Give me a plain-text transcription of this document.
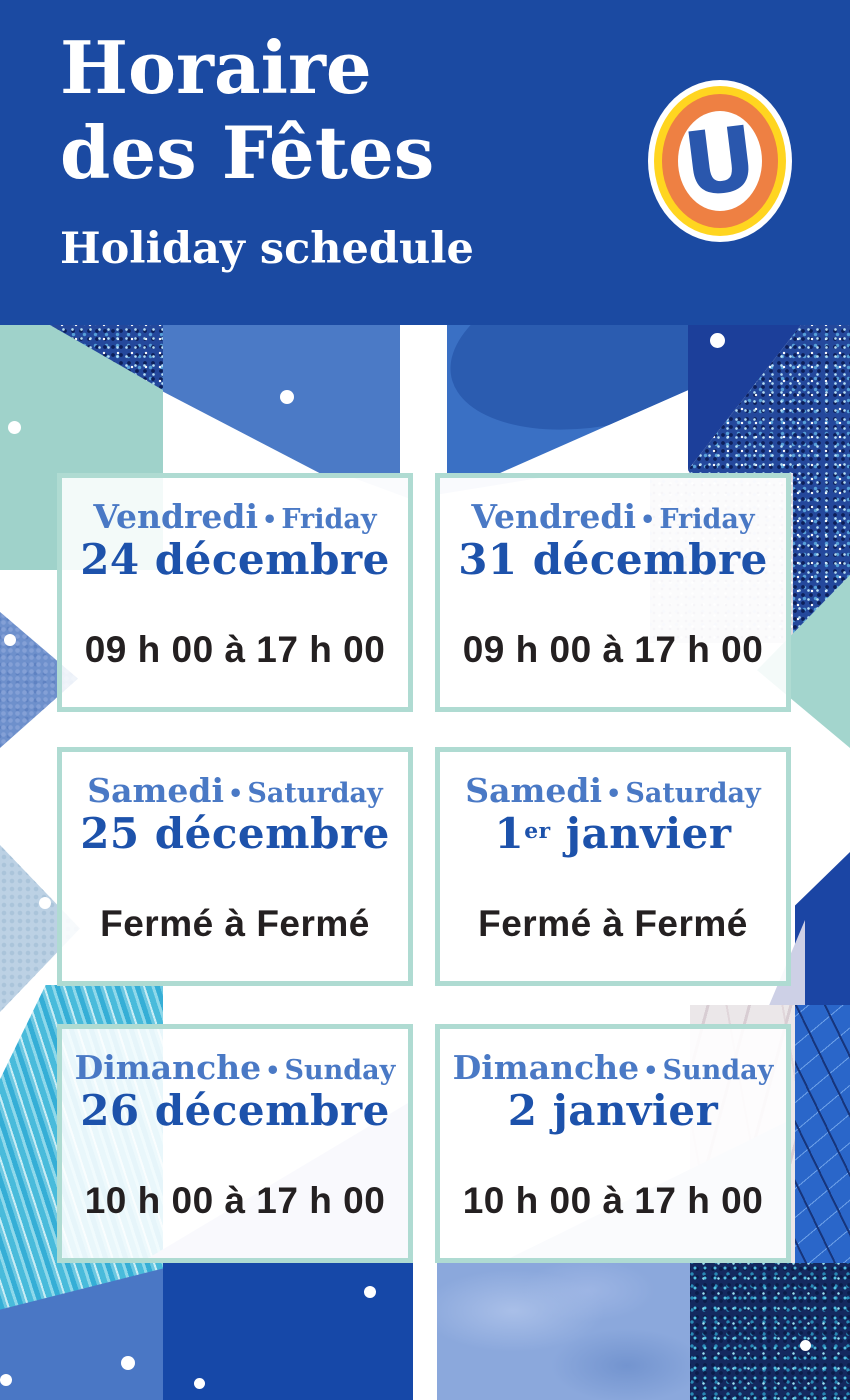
Horaire
des Fêtes
Holiday schedule
U
Vendredi • Friday
24 décembre
09 h 00 à 17 h 00
Vendredi • Friday
31 décembre
09 h 00 à 17 h 00
Samedi • Saturday
25 décembre
Fermé à Fermé
Samedi • Saturday
1er janvier
Fermé à Fermé
Dimanche • Sunday
26 décembre
10 h 00 à 17 h 00
Dimanche • Sunday
2 janvier
10 h 00 à 17 h 00
